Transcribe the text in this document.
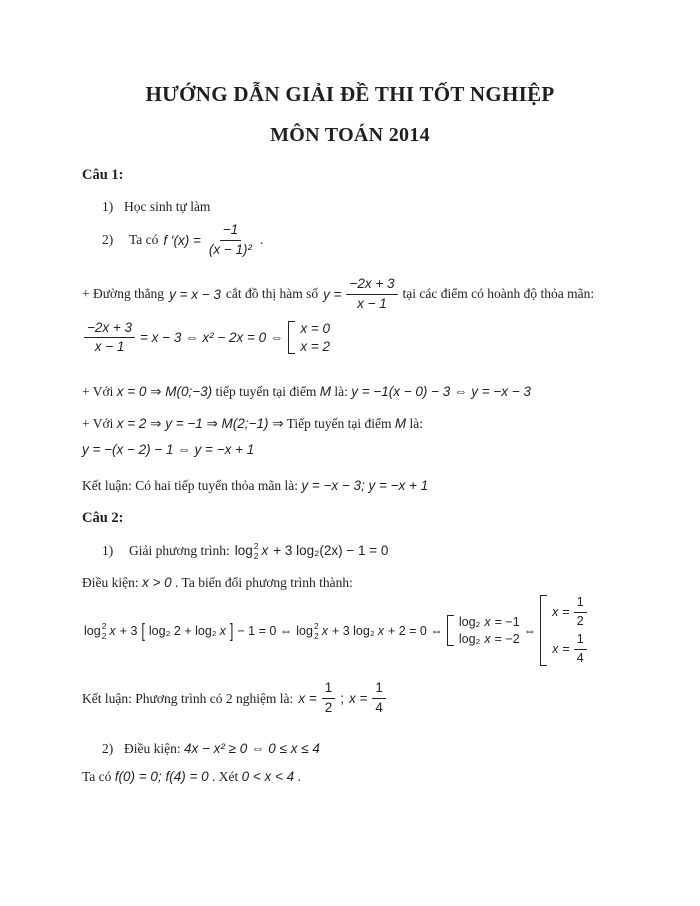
HƯỚNG DẪN GIẢI ĐỀ THI TỐT NGHIỆP
MÔN TOÁN 2014

Câu 1:

1) Học sinh tự làm

2)	Ta có f $'(x) = \frac{-1}{\text{(x − 1)²}}$ .
+ Đường thẳng y = x − 3 cắt đồ thị hàm số $y = \frac{-2x + 3}{x - 1}$ tại các điểm có hoành độ thỏa mãn:
$\frac{-2x + 3}{x - 1} = x - 3$ ⇔ x² − 2x = 0 ⇔
x = 0
x = 2

+ Với x = 0 ⇒ M(0;−3) tiếp tuyến tại điểm M là: y = −1(x − 0) − 3 ⇔ y = −x − 3

+ Với x = 2 ⇒ y = −1 ⇒ M(2;−1) ⇒ Tiếp tuyến tại điểm M là:

y = −(x − 2) − 1 ⇔ y = −x + 1

Kết luận: Có hai tiếp tuyến thỏa mãn là: y = −x − 3; y = −x + 1

Câu 2:

1)	Giải phương trình: log 2
2 x + 3 log₂(2x) − 1 = 0

Điều kiện: x > 0 . Ta biến đổi phương trình thành:

log 2
2 x + 3 [ log₂ 2 + log₂ x ] − 1 = 0 ⇔ log 2
2 x + 3 log₂ x + 2 = 0 ⇔
log₂ x = −1
log₂ x = −2
⇔
$x = \frac{1}{2}$
$x = \frac{1}{4}$
Kết luận: Phương trình có 2 nghiệm là: $x = \frac{1}{2}$ ; $x = \frac{1}{4}$

2) Điều kiện: 4x − x² ≥ 0 ⇔ 0 ≤ x ≤ 4

Ta có f(0) = 0; f(4) = 0 . Xét 0 < x < 4 .
